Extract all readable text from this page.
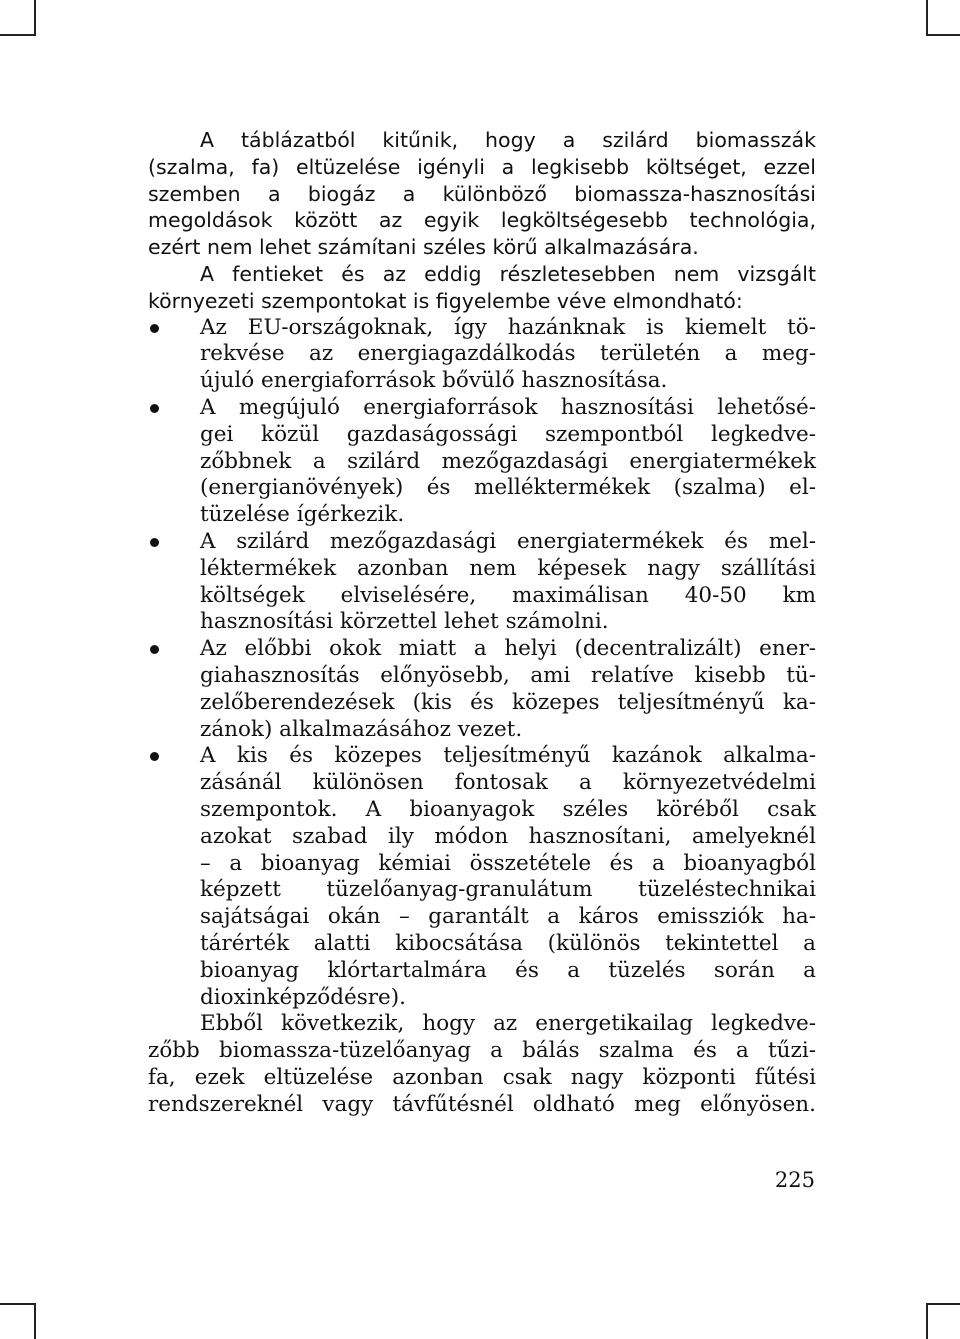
A táblázatból kitűnik, hogy a szilárd biomasszák
(szalma, fa) eltüzelése igényli a legkisebb költséget, ezzel
szemben a biogáz a különböző biomassza-hasznosítási
megoldások között az egyik legköltségesebb technológia,
ezért nem lehet számítani széles körű alkalmazására.
A fentieket és az eddig részletesebben nem vizsgált
környezeti szempontokat is figyelembe véve elmondható:
Az EU-országoknak, így hazánknak is kiemelt tö-
rekvése az energiagazdálkodás területén a meg-
újuló energiaforrások bővülő hasznosítása.
A megújuló energiaforrások hasznosítási lehetősé-
gei közül gazdaságossági szempontból legkedve-
zőbbnek a szilárd mezőgazdasági energiatermékek
(energianövények) és melléktermékek (szalma) el-
tüzelése ígérkezik.
A szilárd mezőgazdasági energiatermékek és mel-
léktermékek azonban nem képesek nagy szállítási
költségek elviselésére, maximálisan 40-50 km
hasznosítási körzettel lehet számolni.
Az előbbi okok miatt a helyi (decentralizált) ener-
giahasznosítás előnyösebb, ami relatíve kisebb tü-
zelőberendezések (kis és közepes teljesítményű ka-
zánok) alkalmazásához vezet.
A kis és közepes teljesítményű kazánok alkalma-
zásánál különösen fontosak a környezetvédelmi
szempontok. A bioanyagok széles köréből csak
azokat szabad ily módon hasznosítani, amelyeknél
– a bioanyag kémiai összetétele és a bioanyagból
képzett tüzelőanyag-granulátum tüzeléstechnikai
sajátságai okán – garantált a káros emissziók ha-
tárérték alatti kibocsátása (különös tekintettel a
bioanyag klórtartalmára és a tüzelés során a
dioxinképződésre).
Ebből következik, hogy az energetikailag legkedve-
zőbb biomassza-tüzelőanyag a bálás szalma és a tűzi-
fa, ezek eltüzelése azonban csak nagy központi fűtési
rendszereknél vagy távfűtésnél oldható meg előnyösen.
225
